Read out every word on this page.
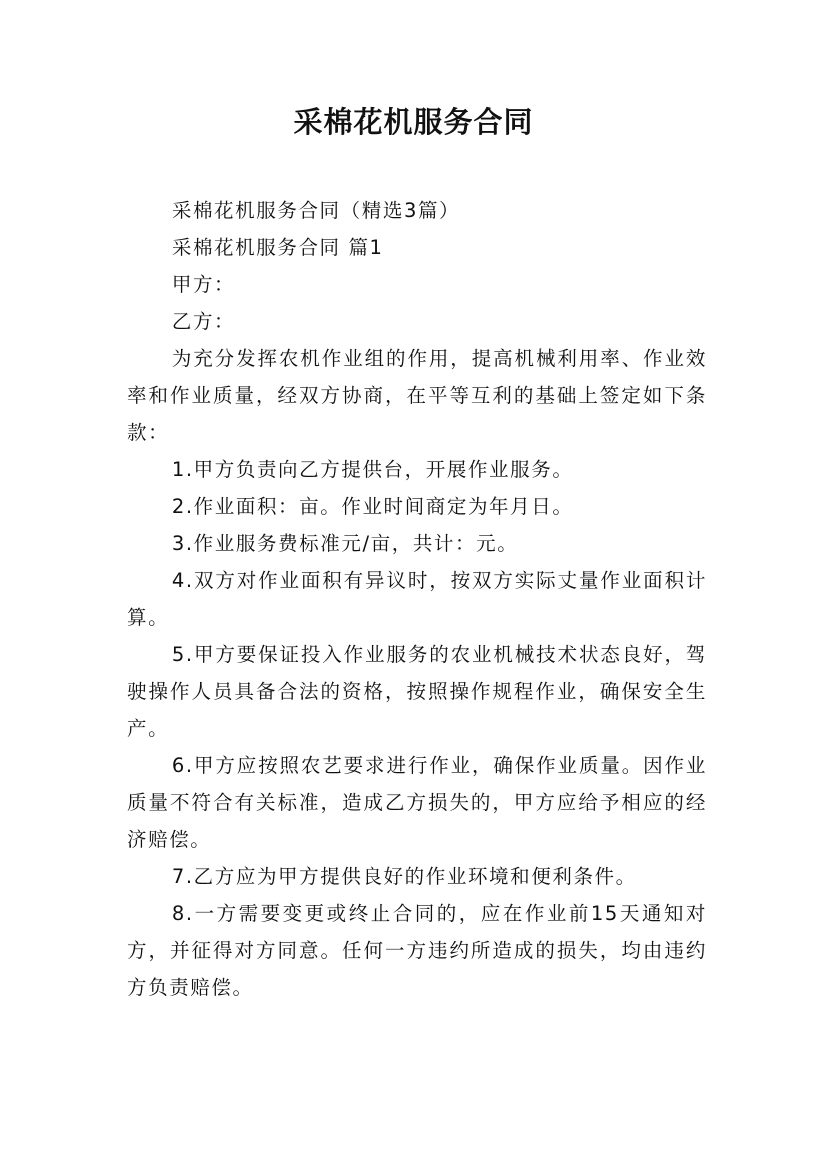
采棉花机服务合同

采棉花机服务合同（精选3篇）

采棉花机服务合同 篇1

甲方：

乙方：

为充分发挥农机作业组的作用，提高机械利用率、作业效率和作业质量，经双方协商，在平等互利的基础上签定如下条款：

1.甲方负责向乙方提供台，开展作业服务。

2.作业面积：亩。作业时间商定为年月日。

3.作业服务费标准元/亩，共计：元。

4.双方对作业面积有异议时，按双方实际丈量作业面积计算。

5.甲方要保证投入作业服务的农业机械技术状态良好，驾驶操作人员具备合法的资格，按照操作规程作业，确保安全生产。

6.甲方应按照农艺要求进行作业，确保作业质量。因作业质量不符合有关标准，造成乙方损失的，甲方应给予相应的经济赔偿。

7.乙方应为甲方提供良好的作业环境和便利条件。

8.一方需要变更或终止合同的，应在作业前15天通知对方，并征得对方同意。任何一方违约所造成的损失，均由违约方负责赔偿。
